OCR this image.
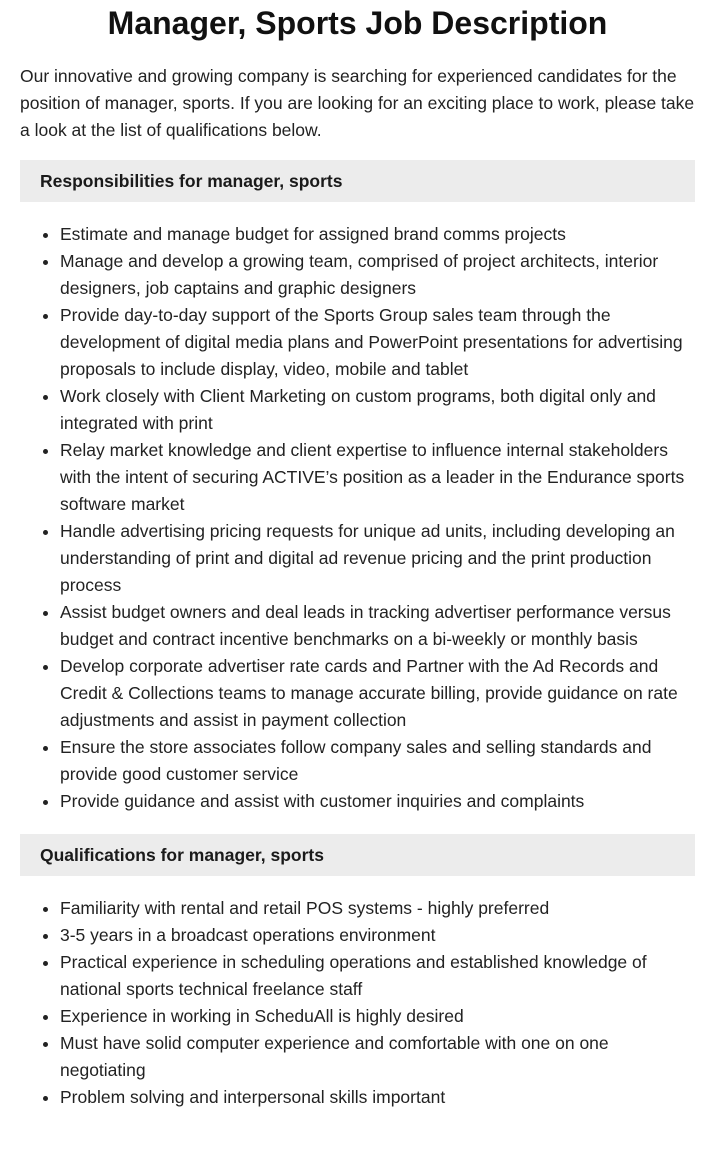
Manager, Sports Job Description

Our innovative and growing company is searching for experienced candidates for the position of manager, sports. If you are looking for an exciting place to work, please take a look at the list of qualifications below.

Responsibilities for manager, sports
• Estimate and manage budget for assigned brand comms projects
• Manage and develop a growing team, comprised of project architects, interior designers, job captains and graphic designers
• Provide day-to-day support of the Sports Group sales team through the development of digital media plans and PowerPoint presentations for advertising proposals to include display, video, mobile and tablet
• Work closely with Client Marketing on custom programs, both digital only and integrated with print
• Relay market knowledge and client expertise to influence internal stakeholders with the intent of securing ACTIVE’s position as a leader in the Endurance sports software market
• Handle advertising pricing requests for unique ad units, including developing an understanding of print and digital ad revenue pricing and the print production process
• Assist budget owners and deal leads in tracking advertiser performance versus budget and contract incentive benchmarks on a bi-weekly or monthly basis
• Develop corporate advertiser rate cards and Partner with the Ad Records and Credit & Collections teams to manage accurate billing, provide guidance on rate adjustments and assist in payment collection
• Ensure the store associates follow company sales and selling standards and provide good customer service
• Provide guidance and assist with customer inquiries and complaints
Qualifications for manager, sports
• Familiarity with rental and retail POS systems - highly preferred
• 3-5 years in a broadcast operations environment
• Practical experience in scheduling operations and established knowledge of national sports technical freelance staff
• Experience in working in ScheduAll is highly desired
• Must have solid computer experience and comfortable with one on one negotiating
• Problem solving and interpersonal skills important
